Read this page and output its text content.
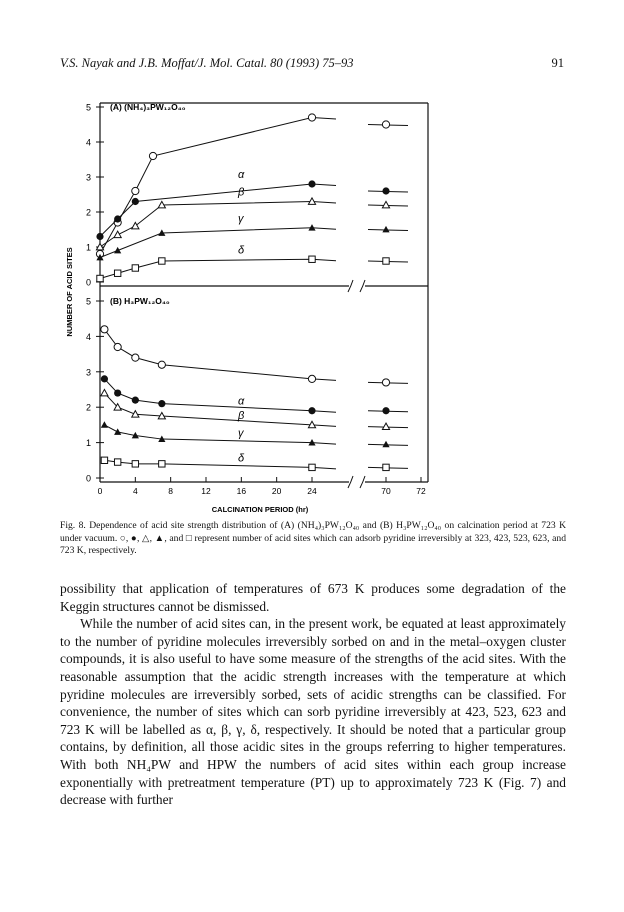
V.S. Nayak and J.B. Moffat/J. Mol. Catal. 80 (1993) 75–93	91
0
1
2
3
4
5 (A) (NH₄)₃PW₁₂O₄₀
α
β
γ
δ
0
1
2
3
4
5 (B) H₃PW₁₂O₄₀
α
β
γ
δ
0	4	8	12	16	20	24	70	72
CALCINATION PERIOD (hr)
NUMBER OF ACID SITES
Fig. 8. Dependence of acid site strength distribution of (A) (NH₄)₃PW₁₂O₄₀ and (B) H₃PW₁₂O₄₀ on calcination period at 723 K under vacuum. ○, ●, △, ▲, and □ represent number of acid sites which can adsorb pyridine irreversibly at 323, 423, 523, 623, and 723 K, respectively.

possibility that application of temperatures of 673 K produces some degradation of the Keggin structures cannot be dismissed.

While the number of acid sites can, in the present work, be equated at least approximately to the number of pyridine molecules irreversibly sorbed on and in the metal–oxygen cluster compounds, it is also useful to have some measure of the strengths of the acid sites. With the reasonable assumption that the acidic strength increases with the temperature at which pyridine molecules are irreversibly sorbed, sets of acidic strengths can be classified. For convenience, the number of sites which can sorb pyridine irreversibly at 423, 523, 623 and 723 K will be labelled as α, β, γ, δ, respectively. It should be noted that a particular group contains, by definition, all those acidic sites in the groups referring to higher temperatures. With both NH₄PW and HPW the numbers of acid sites within each group increase exponentially with pretreatment temperature (PT) up to approximately 723 K (Fig. 7) and decrease with further
